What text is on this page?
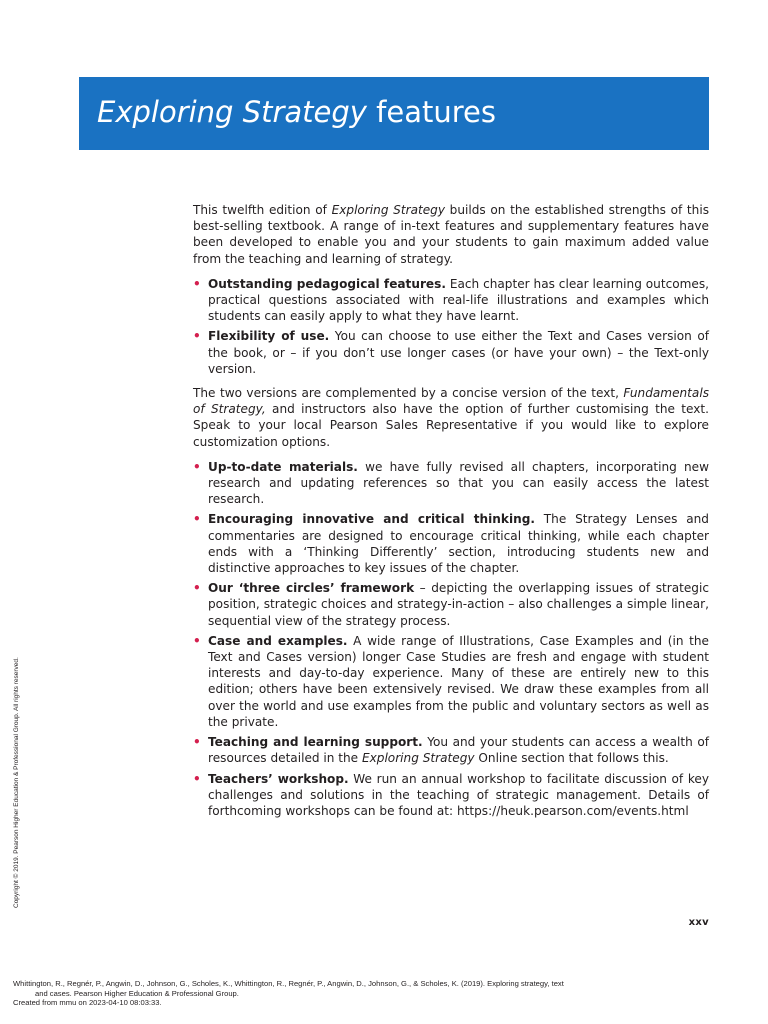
Exploring Strategy features

This twelfth edition of Exploring Strategy builds on the established strengths of this best-selling textbook. A range of in-text features and supplementary features have been developed to enable you and your students to gain maximum added value from the teaching and learning of strategy.

• Outstanding pedagogical features. Each chapter has clear learning outcomes, practical questions associated with real-life illustrations and examples which students can easily apply to what they have learnt.
• Flexibility of use. You can choose to use either the Text and Cases version of the book, or – if you don’t use longer cases (or have your own) – the Text-only version.

The two versions are complemented by a concise version of the text, Fundamentals of Strategy, and instructors also have the option of further customising the text. Speak to your local Pearson Sales Representative if you would like to explore customization options.

• Up-to-date materials. we have fully revised all chapters, incorporating new research and updating references so that you can easily access the latest research.
• Encouraging innovative and critical thinking. The Strategy Lenses and commentaries are designed to encourage critical thinking, while each chapter ends with a ‘Thinking Differently’ section, introducing students new and distinctive approaches to key issues of the chapter.
• Our ‘three circles’ framework – depicting the overlapping issues of strategic position, strategic choices and strategy-in-action – also challenges a simple linear, sequential view of the strategy process.
• Case and examples. A wide range of Illustrations, Case Examples and (in the Text and Cases version) longer Case Studies are fresh and engage with student interests and day-to-day experience. Many of these are entirely new to this edition; others have been extensively revised. We draw these examples from all over the world and use examples from the public and voluntary sectors as well as the private.
• Teaching and learning support. You and your students can access a wealth of resources detailed in the Exploring Strategy Online section that follows this.
• Teachers’ workshop. We run an annual workshop to facilitate discussion of key challenges and solutions in the teaching of strategic management. Details of forthcoming workshops can be found at: https://heuk.pearson.com/events.html

xxv

Copyright © 2019. Pearson Higher Education & Professional Group. All rights reserved.
Whittington, R., Regnér, P., Angwin, D., Johnson, G., Scholes, K., Whittington, R., Regnér, P., Angwin, D., Johnson, G., & Scholes, K. (2019). Exploring strategy, text
and cases. Pearson Higher Education & Professional Group.
Created from mmu on 2023-04-10 08:03:33.
